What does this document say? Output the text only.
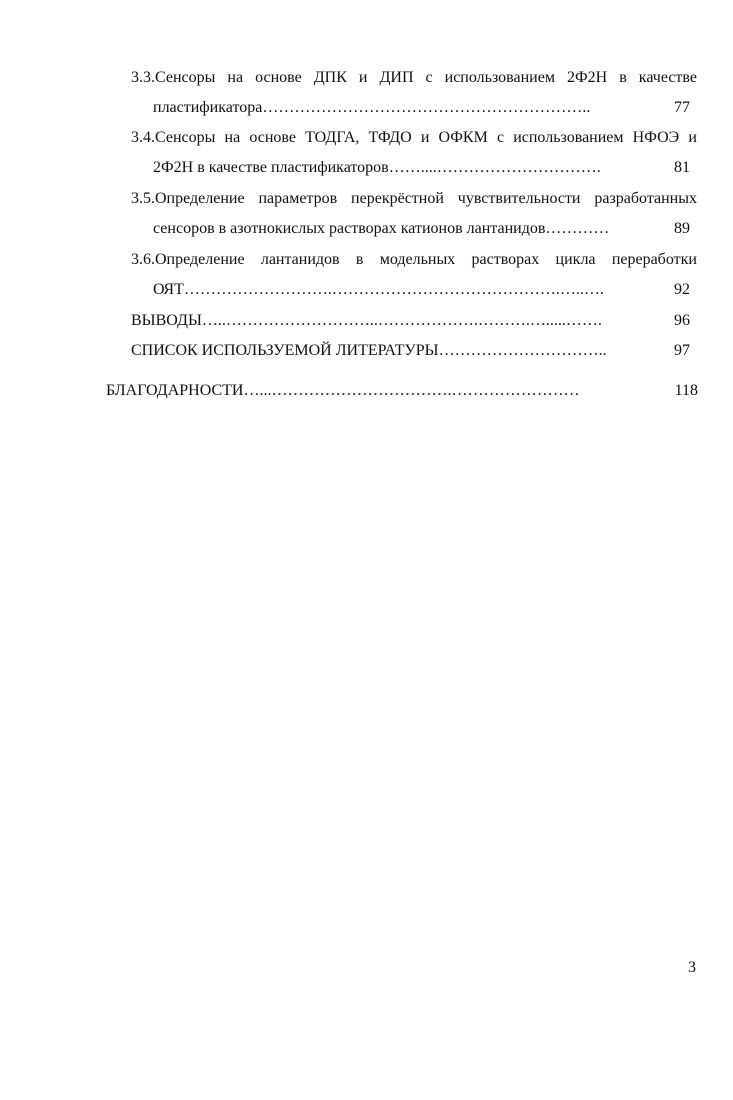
3.3.Сенсоры на основе ДПК и ДИП с использованием 2Ф2Н в качестве
пластификатора……………………………………………………..	77
3.4.Сенсоры на основе ТОДГА, ТФДО и ОФКМ с использованием НФОЭ и
2Ф2Н в качестве пластификаторов……....………………………….	81
3.5.Определение параметров перекрёстной чувствительности разработанных
сенсоров в азотнокислых растворах катионов лантанидов…………	89
3.6.Определение лантанидов в модельных растворах цикла переработки
ОЯТ……………………….…………………………………….…..….	92
ВЫВОДЫ…..………………………..……………….……….….....…….	96
СПИСОК ИСПОЛЬЗУЕМОЙ ЛИТЕРАТУРЫ…………………………..	97
БЛАГОДАРНОСТИ…...…………………………….……………………	118
3
